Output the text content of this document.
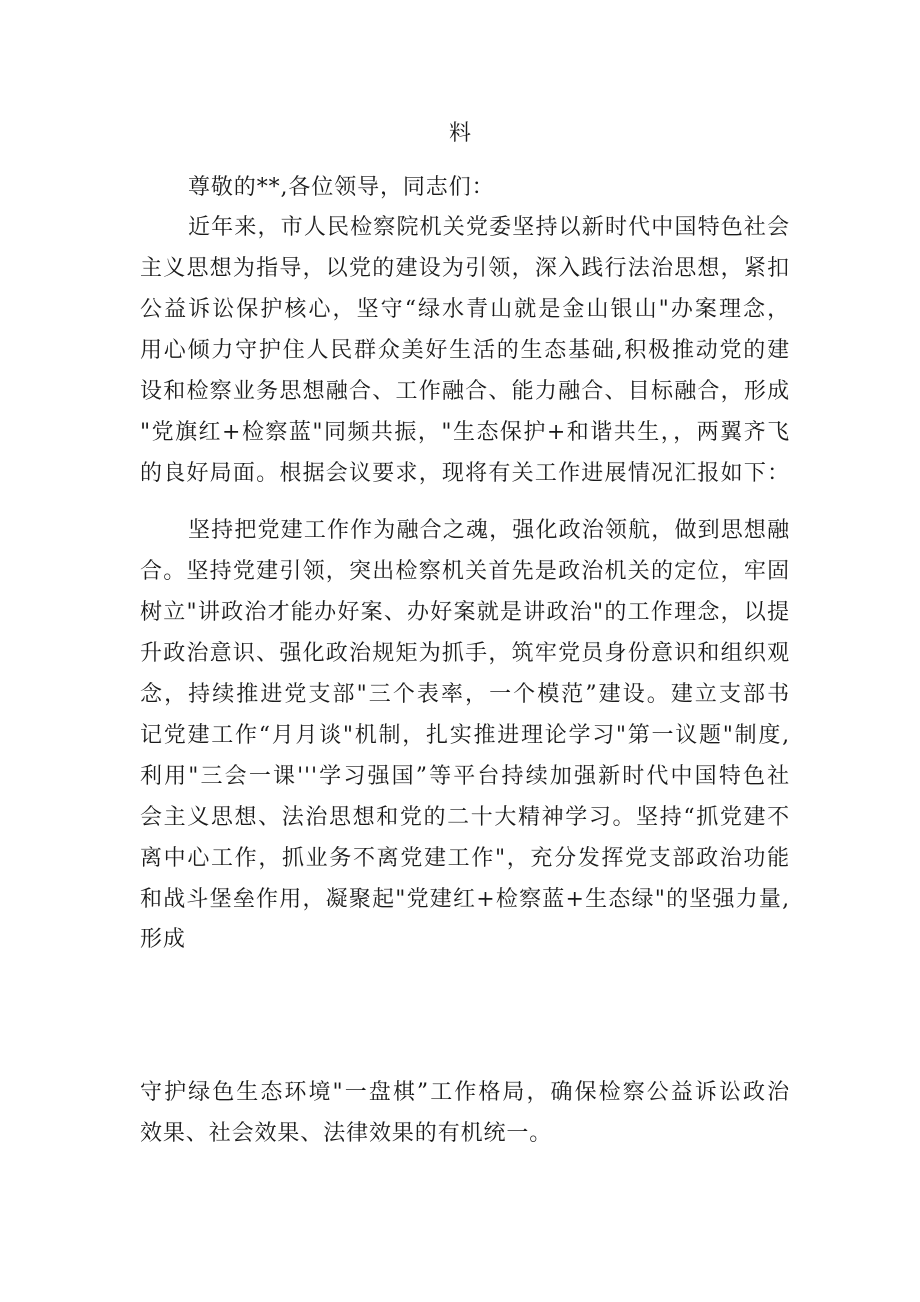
料
尊敬的**,各位领导，同志们：
近年来，市人民检察院机关党委坚持以新时代中国特色社会
主义思想为指导，以党的建设为引领，深入践行法治思想，紧扣
公益诉讼保护核心，坚守“绿水青山就是金山银山"办案理念，
用心倾力守护住人民群众美好生活的生态基础,积极推动党的建
设和检察业务思想融合、工作融合、能力融合、目标融合，形成
"党旗红+检察蓝"同频共振，"生态保护+和谐共生，，两翼齐飞
的良好局面。根据会议要求，现将有关工作进展情况汇报如下：
坚持把党建工作作为融合之魂，强化政治领航，做到思想融
合。坚持党建引领，突出检察机关首先是政治机关的定位，牢固
树立"讲政治才能办好案、办好案就是讲政治"的工作理念，以提
升政治意识、强化政治规矩为抓手，筑牢党员身份意识和组织观
念，持续推进党支部"三个表率，一个模范”建设。建立支部书
记党建工作“月月谈"机制，扎实推进理论学习"第一议题"制度,
利用"三会一课'''学习强国”等平台持续加强新时代中国特色社
会主义思想、法治思想和党的二十大精神学习。坚持“抓党建不
离中心工作，抓业务不离党建工作"，充分发挥党支部政治功能
和战斗堡垒作用，凝聚起"党建红+检察蓝+生态绿"的坚强力量,
形成
守护绿色生态环境"一盘棋”工作格局，确保检察公益诉讼政治
效果、社会效果、法律效果的有机统一。
